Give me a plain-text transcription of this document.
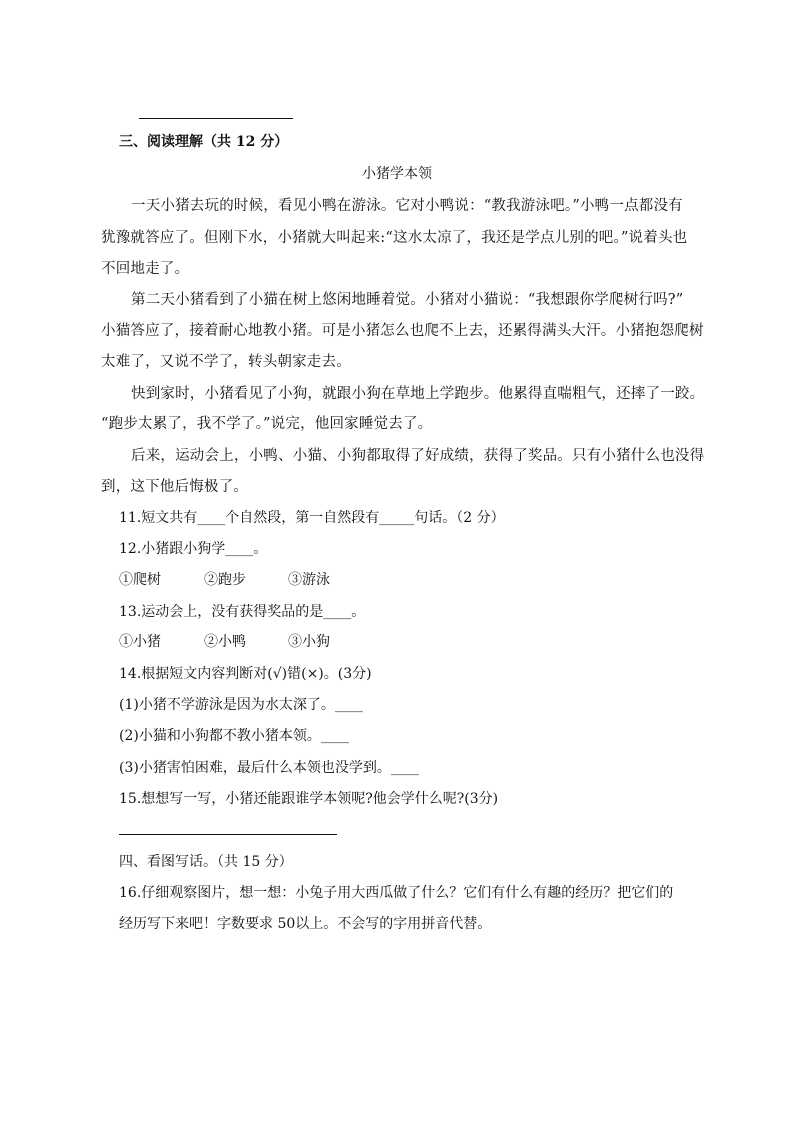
三、阅读理解（共 12 分）
小猪学本领
一天小猪去玩的时候，看见小鸭在游泳。它对小鸭说：“教我游泳吧。”小鸭一点都没有
犹豫就答应了。但刚下水，小猪就大叫起来:“这水太凉了，我还是学点儿别的吧。”说着头也
不回地走了。
第二天小猪看到了小猫在树上悠闲地睡着觉。小猪对小猫说：“我想跟你学爬树行吗?”
小猫答应了，接着耐心地教小猪。可是小猪怎么也爬不上去，还累得满头大汗。小猪抱怨爬树
太难了，又说不学了，转头朝家走去。
快到家时，小猪看见了小狗，就跟小狗在草地上学跑步。他累得直喘粗气，还摔了一跤。
“跑步太累了，我不学了。”说完，他回家睡觉去了。
后来，运动会上，小鸭、小猫、小狗都取得了好成绩，获得了奖品。只有小猪什么也没得
到，这下他后悔极了。
11.短文共有____个自然段，第一自然段有_____句话。（2 分）
12.小猪跟小狗学____。
①爬树	②跑步	③游泳
13.运动会上，没有获得奖品的是____。
①小猪	②小鸭	③小狗
14.根据短文内容判断对(√)错(×)。(3分)
(1)小猪不学游泳是因为水太深了。____
(2)小猫和小狗都不教小猪本领。____
(3)小猪害怕困难，最后什么本领也没学到。____
15.想想写一写，小猪还能跟谁学本领呢?他会学什么呢?(3分)
四、看图写话。（共 15 分）
16.仔细观察图片，想一想：小兔子用大西瓜做了什么？它们有什么有趣的经历？把它们的
经历写下来吧！字数要求 50以上。不会写的字用拼音代替。
